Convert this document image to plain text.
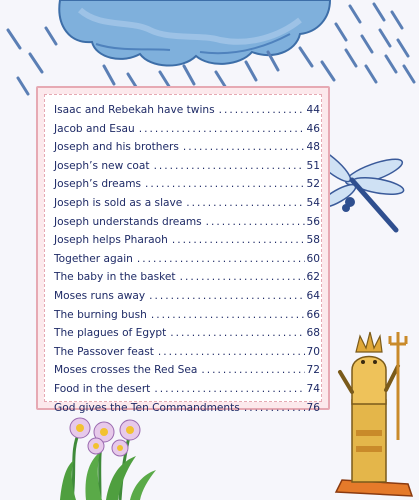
Isaac and Rebekah have twins .....	44
Jacob and Esau .....	46
Joseph and his brothers .....	48
Joseph’s new coat .....	51
Joseph’s dreams .....	52
Joseph is sold as a slave .....	54
Joseph understands dreams .....	56
Joseph helps Pharaoh .....	58
Together again .....	60
The baby in the basket .....	62
Moses runs away .....	64
The burning bush .....	66
The plagues of Egypt .....	68
The Passover feast .....	70
Moses crosses the Red Sea .....	72
Food in the desert .....	74
God gives the Ten Commandments .....	76
